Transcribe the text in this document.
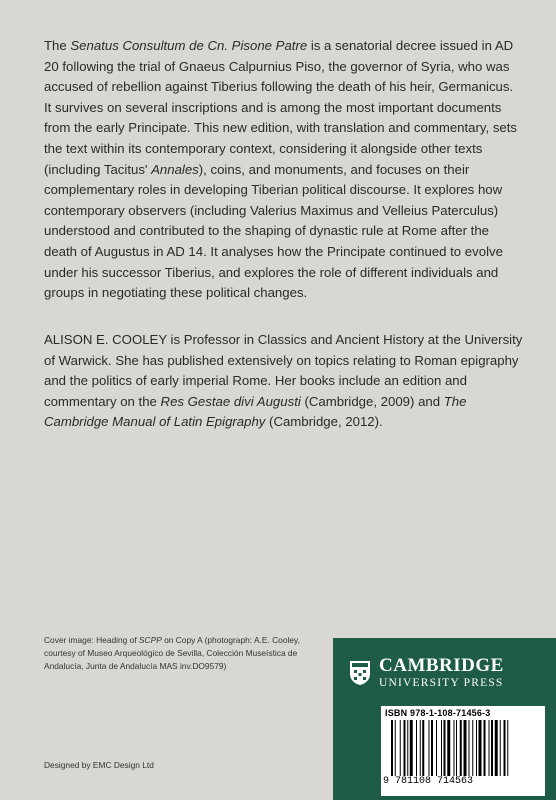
The Senatus Consultum de Cn. Pisone Patre is a senatorial decree issued in AD 20 following the trial of Gnaeus Calpurnius Piso, the governor of Syria, who was accused of rebellion against Tiberius following the death of his heir, Germanicus. It survives on several inscriptions and is among the most important documents from the early Principate. This new edition, with translation and commentary, sets the text within its contemporary context, considering it alongside other texts (including Tacitus' Annales), coins, and monuments, and focuses on their complementary roles in developing Tiberian political discourse. It explores how contemporary observers (including Valerius Maximus and Velleius Paterculus) understood and contributed to the shaping of dynastic rule at Rome after the death of Augustus in AD 14. It analyses how the Principate continued to evolve under his successor Tiberius, and explores the role of different individuals and groups in negotiating these political changes.

ALISON E. COOLEY is Professor in Classics and Ancient History at the University of Warwick. She has published extensively on topics relating to Roman epigraphy and the politics of early imperial Rome. Her books include an edition and commentary on the Res Gestae divi Augusti (Cambridge, 2009) and The Cambridge Manual of Latin Epigraphy (Cambridge, 2012).

Cover image: Heading of SCPP on Copy A (photograph: A.E. Cooley, courtesy of Museo Arqueológico de Sevilla, Colección Museística de Andalucía, Junta de Andalucía MAS inv.DO9579)
Designed by EMC Design Ltd
CAMBRIDGE
UNIVERSITY PRESS
ISBN 978-1-108-71456-3
9 781108 714563
